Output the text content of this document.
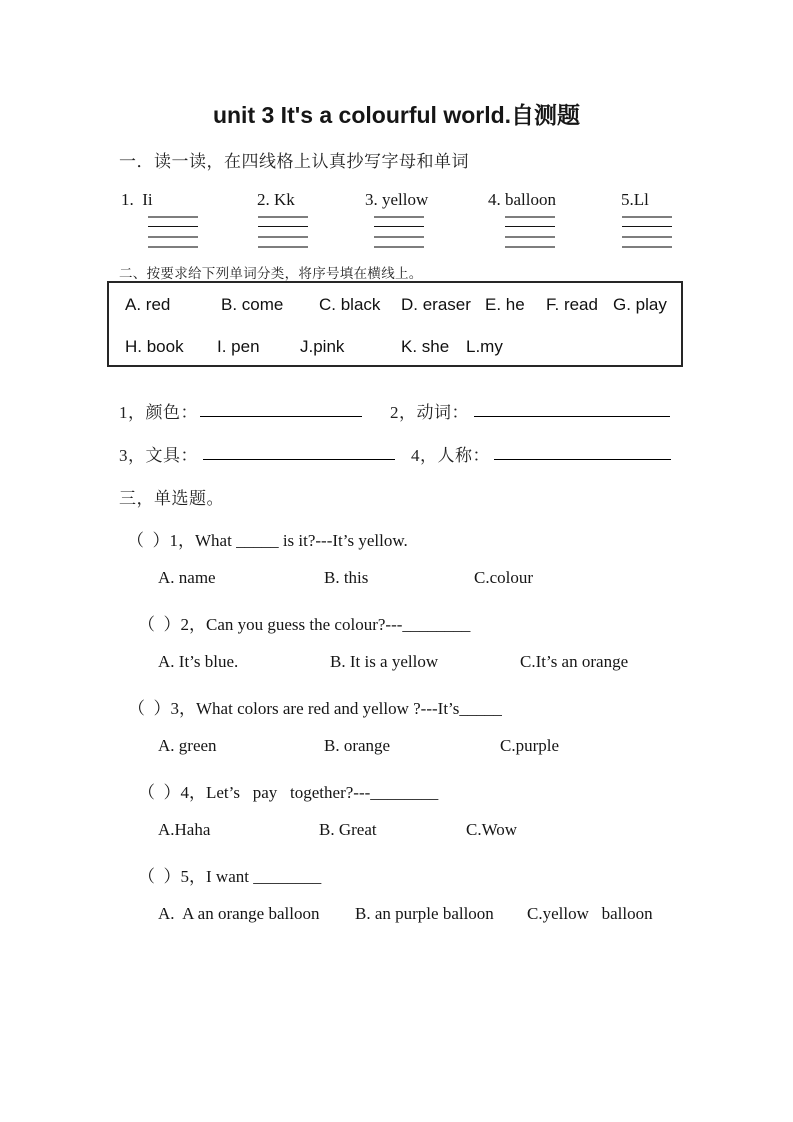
unit 3 It's a colourful world.自测题
一．读一读，在四线格上认真抄写字母和单词
1.  Ii	2. Kk	3. yellow	4. balloon	5.Ll
二、按要求给下列单词分类，将序号填在横线上。
A. red	B. come C. black D. eraser E. he F. read G. play
H. book I. pen J.pink	K. she L.my
1，颜色：	2，动词：
3，文具：	4，人称：
三，单选题。
（  ）1，What _____ is it?---It’s yellow.
A. name	B. this	C.colour
（  ）2，Can you guess the colour?---________
A. It’s blue.	B. It is a yellow	C.It’s an orange
（  ）3，What colors are red and yellow ?---It’s_____
A. green	B. orange	C.purple
（  ）4，Let’s   pay   together?---________
A.Haha	B. Great	C.Wow
（  ）5，I want ________
A.  A an orange balloon B. an purple balloon C.yellow   balloon
